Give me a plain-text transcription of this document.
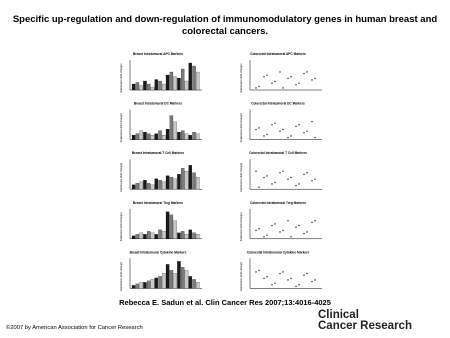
Specific up-regulation and down-regulation of immunomodulatory genes in human breast and
colorectal cancers.
Breast Intratumoral APC Markers	Colorectal Intratumoral APC Markers
Expression (fold change)	Expression (fold change)
Breast Intratumoral DC Markers	Colorectal Intratumoral DC Markers
Expression (fold change)	Expression (fold change)
Breast Intratumoral T Cell Markers	Colorectal Intratumoral T Cell Markers
Expression (fold change)	Expression (fold change)
Breast Intratumoral Treg Markers	Colorectal Intratumoral Treg Markers
Expression (fold change)	Expression (fold change)
Breast Intratumoral Cytokine Markers	Colorectal Intratumoral Cytokine Markers
Expression (fold change)	Expression (fold change)
Rebecca E. Sadun et al. Clin Cancer Res 2007;13:4016-4025
©2007 by American Association for Cancer Research
Clinical
Cancer Research
